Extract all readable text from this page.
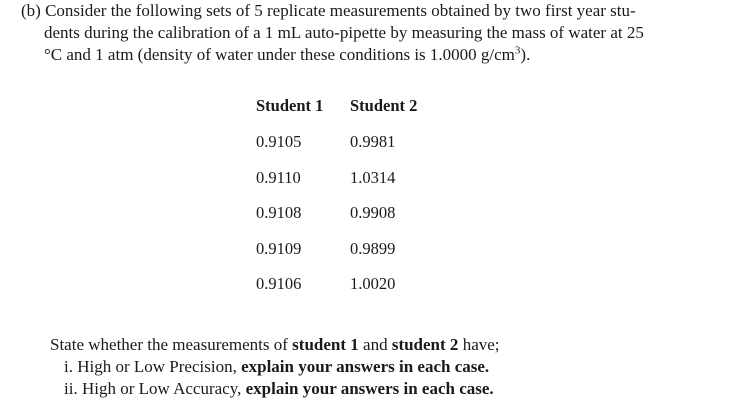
(b) Consider the following sets of 5 replicate measurements obtained by two first year stu-
dents during the calibration of a 1 mL auto-pipette by measuring the mass of water at 25
°C and 1 atm (density of water under these conditions is 1.0000 $g/cm^3$).
Student 1	Student 2
0.9105	0.9981
0.9110	1.0314
0.9108	0.9908
0.9109	0.9899
0.9106	1.0020
State whether the measurements of student 1 and student 2 have;
i. High or Low Precision, explain your answers in each case.
ii. High or Low Accuracy, explain your answers in each case.
